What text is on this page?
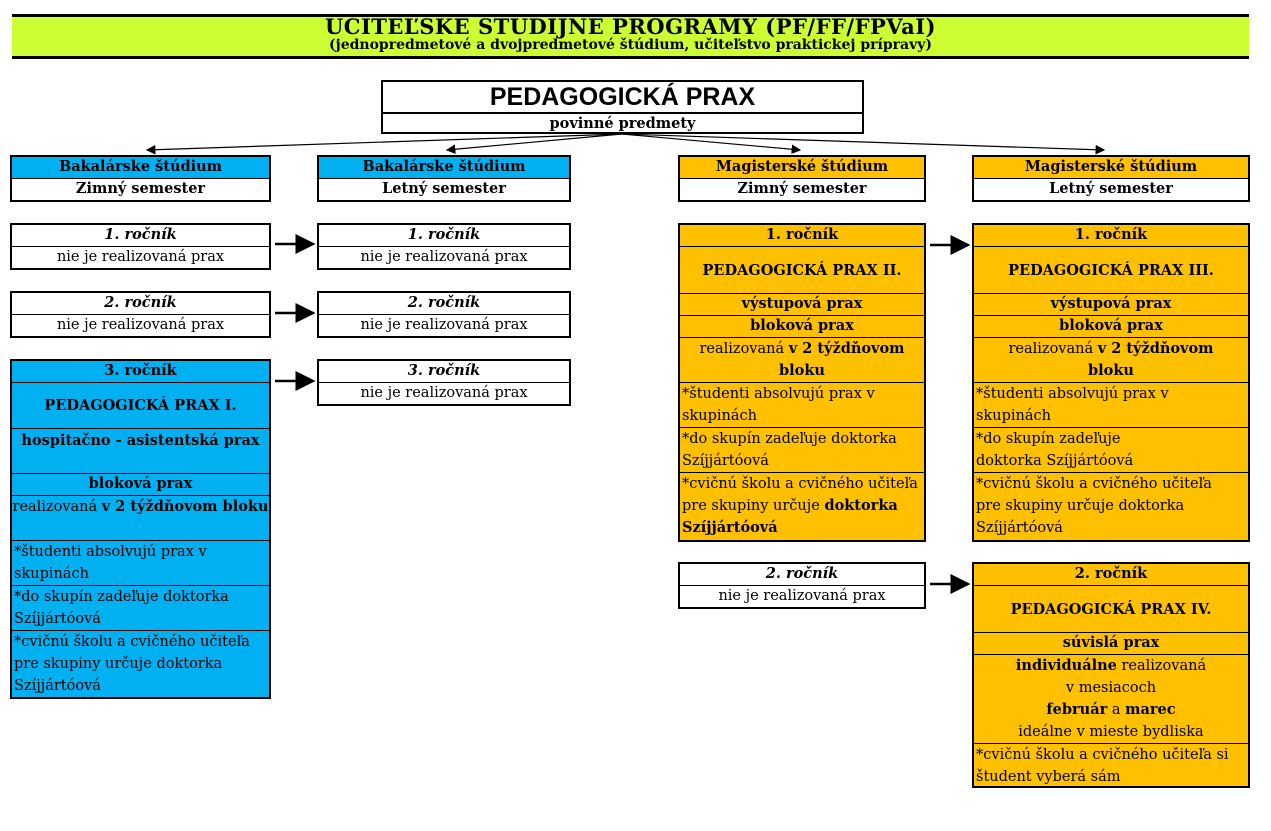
UČITEĽSKÉ ŠTÚDIJNÉ PROGRAMY (PF/FF/FPVaI)
(jednopredmetové a dvojpredmetové štúdium, učiteľstvo praktickej prípravy)
PEDAGOGICKÁ PRAX
povinné predmety
Bakalárske štúdium
Zimný semester
Bakalárske štúdium
Letný semester
Magisterské štúdium
Zimný semester
Magisterské štúdium
Letný semester
1. ročník
nie je realizovaná prax
2. ročník
nie je realizovaná prax
1. ročník
nie je realizovaná prax
2. ročník
nie je realizovaná prax
3. ročník
nie je realizovaná prax
3. ročník
PEDAGOGICKÁ PRAX I.
hospitačno - asistentská prax
bloková prax
realizovaná v 2 týždňovom bloku
*študenti absolvujú prax v skupinách
*do skupín zadeľuje doktorka Szíjjártóová
*cvičnú školu a cvičného učiteľa pre skupiny určuje doktorka Szíjjártóová
1. ročník
PEDAGOGICKÁ PRAX II.
výstupová prax
bloková prax
realizovaná v 2 týždňovom bloku
*študenti absolvujú prax v skupinách
*do skupín zadeľuje doktorka Szíjjártóová
*cvičnú školu a cvičného učiteľa pre skupiny určuje doktorka Szíjjártóová
1. ročník
PEDAGOGICKÁ PRAX III.
výstupová prax
bloková prax
realizovaná v 2 týždňovom bloku
*študenti absolvujú prax v skupinách
*do skupín zadeľuje doktorka Szíjjártóová
*cvičnú školu a cvičného učiteľa pre skupiny určuje doktorka Szíjjártóová
2. ročník
nie je realizovaná prax
2. ročník
PEDAGOGICKÁ PRAX IV.
súvislá prax
individuálne realizovaná
v mesiacoch
február a marec
ideálne v mieste bydliska
*cvičnú školu a cvičného učiteľa si študent vyberá sám
